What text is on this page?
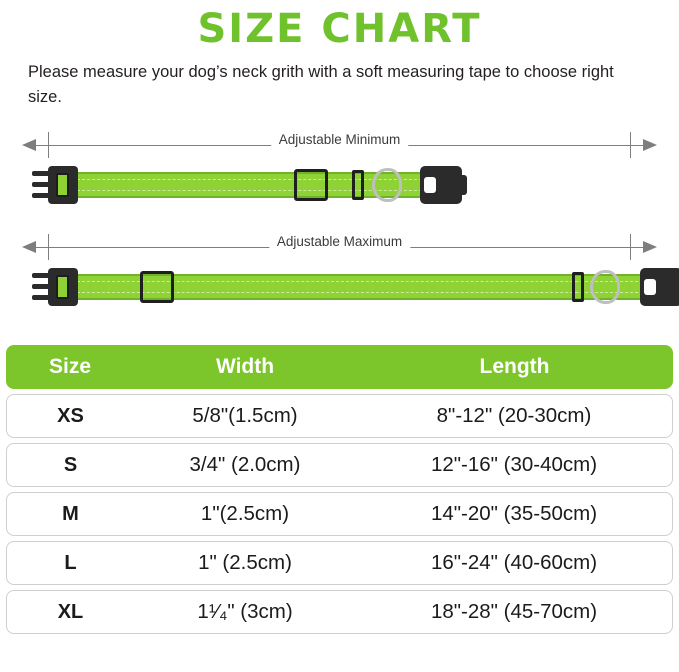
SIZE CHART

Please measure your dog’s neck grith with a soft measuring tape to choose right size.

Adjustable Minimum
Adjustable Maximum
Size	Width	Length
XS	5/8"(1.5cm)	8"-12" (20-30cm)
S	3/4" (2.0cm)	12"-16" (30-40cm)
M	1"(2.5cm)	14"-20" (35-50cm)
L	1" (2.5cm)	16"-24" (40-60cm)
XL	1¹⁄₄" (3cm)	18"-28" (45-70cm)
